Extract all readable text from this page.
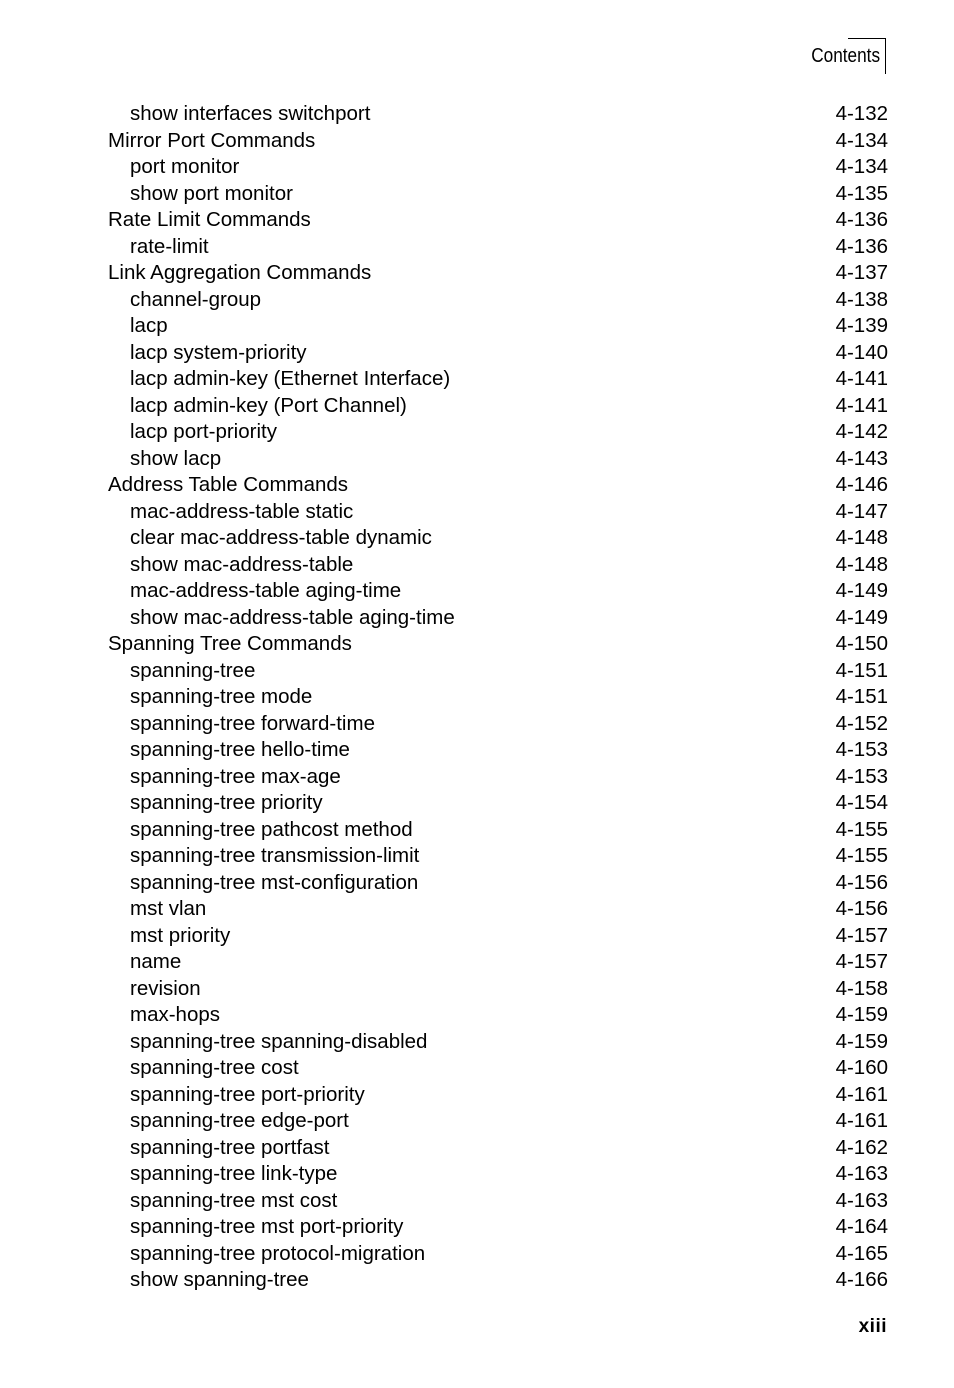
Contents
show interfaces switchport	4-132
Mirror Port Commands	4-134
port monitor	4-134
show port monitor	4-135
Rate Limit Commands	4-136
rate-limit	4-136
Link Aggregation Commands	4-137
channel-group	4-138
lacp	4-139
lacp system-priority	4-140
lacp admin-key (Ethernet Interface)	4-141
lacp admin-key (Port Channel)	4-141
lacp port-priority	4-142
show lacp	4-143
Address Table Commands	4-146
mac-address-table static	4-147
clear mac-address-table dynamic	4-148
show mac-address-table	4-148
mac-address-table aging-time	4-149
show mac-address-table aging-time	4-149
Spanning Tree Commands	4-150
spanning-tree	4-151
spanning-tree mode	4-151
spanning-tree forward-time	4-152
spanning-tree hello-time	4-153
spanning-tree max-age	4-153
spanning-tree priority	4-154
spanning-tree pathcost method	4-155
spanning-tree transmission-limit	4-155
spanning-tree mst-configuration	4-156
mst vlan	4-156
mst priority	4-157
name	4-157
revision	4-158
max-hops	4-159
spanning-tree spanning-disabled	4-159
spanning-tree cost	4-160
spanning-tree port-priority	4-161
spanning-tree edge-port	4-161
spanning-tree portfast	4-162
spanning-tree link-type	4-163
spanning-tree mst cost	4-163
spanning-tree mst port-priority	4-164
spanning-tree protocol-migration	4-165
show spanning-tree	4-166
xiii
